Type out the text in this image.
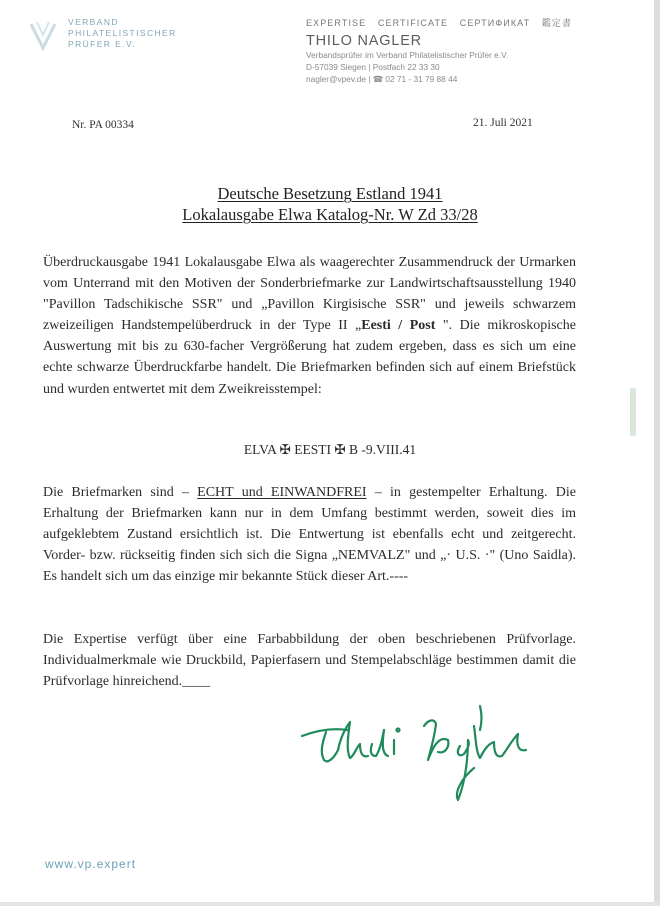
VERBAND
PHILATELISTISCHER
PRÜFER E.V.
EXPERTISE CERTIFICATE СЕРТИФИКАТ 鑑定書
THILO NAGLER
Verbandsprüfer im Verband Philatelistischer Prüfer e.V.
D-57039 Siegen | Postfach 22 33 30
nagler@vpev.de | ☎ 02 71 - 31 79 88 44
Nr. PA 00334	21. Juli 2021
Deutsche Besetzung Estland 1941
Lokalausgabe Elwa Katalog-Nr. W Zd 33/28
Überdruckausgabe 1941 Lokalausgabe Elwa als waagerechter Zusammendruck der Urmarken vom Unterrand mit den Motiven der Sonderbriefmarke zur Landwirtschaftsausstellung 1940 "Pavillon Tadschikische SSR" und „Pavillon Kirgisische SSR" und jeweils schwarzem zweizeiligen Handstempelüberdruck in der Type II „Eesti / Post ". Die mikroskopische Auswertung mit bis zu 630-facher Vergrößerung hat zudem ergeben, dass es sich um eine echte schwarze Überdruckfarbe handelt. Die Briefmarken befinden sich auf einem Briefstück und wurden entwertet mit dem Zweikreisstempel:
ELVA ✠ EESTI ✠ B -9.VIII.41
Die Briefmarken sind – ECHT und EINWANDFREI – in gestempelter Erhaltung. Die Erhaltung der Briefmarken kann nur in dem Umfang bestimmt werden, soweit dies im aufgeklebtem Zustand ersichtlich ist. Die Entwertung ist ebenfalls echt und zeitgerecht. Vorder- bzw. rückseitig finden sich sich die Signa „NEMVALZ" und „· U.S. ·" (Uno Saidla). Es handelt sich um das einzige mir bekannte Stück dieser Art.----
Die Expertise verfügt über eine Farbabbildung der oben beschriebenen Prüfvorlage. Individualmerkmale wie Druckbild, Papierfasern und Stempelabschläge bestimmen damit die Prüfvorlage hinreichend.____
www.vp.expert
